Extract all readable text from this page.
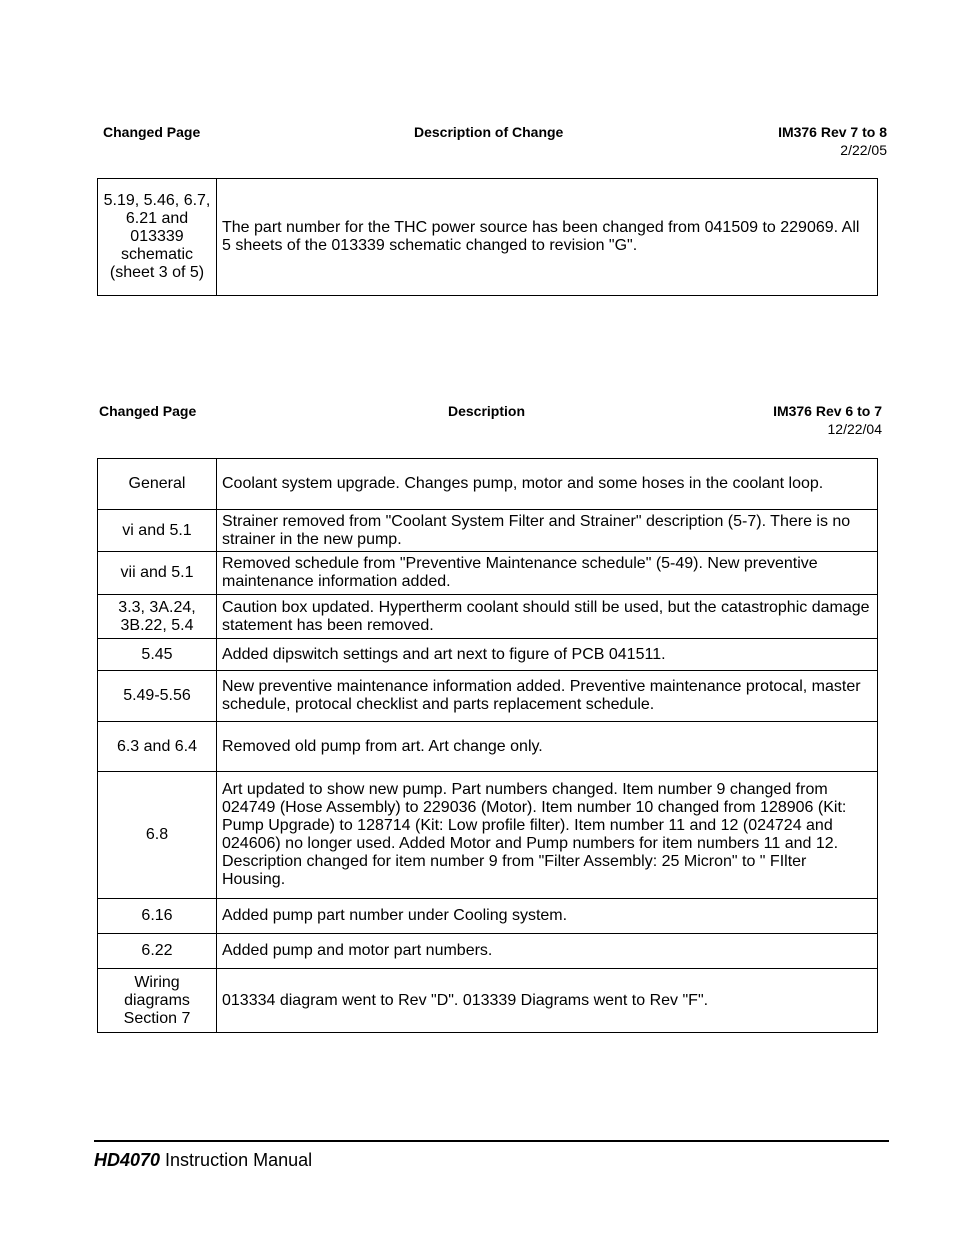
Changed Page	Description of Change	IM376 Rev 7 to 8
2/22/05
5.19, 5.46, 6.7, 6.21 and 013339 schematic (sheet 3 of 5)	The part number for the THC power source has been changed from 041509 to 229069. All 5 sheets of the 013339 schematic changed to revision "G".
Changed Page	Description	IM376 Rev 6 to 7
12/22/04
General	Coolant system upgrade. Changes pump, motor and some hoses in the coolant loop.
vi and 5.1	Strainer removed from "Coolant System Filter and Strainer" description (5-7). There is no strainer in the new pump.
vii and 5.1	Removed schedule from "Preventive Maintenance schedule" (5-49). New preventive maintenance information added.
3.3, 3A.24, 3B.22, 5.4	Caution box updated. Hypertherm coolant should still be used, but the catastrophic damage statement has been removed.
5.45	Added dipswitch settings and art next to figure of PCB 041511.
5.49-5.56	New preventive maintenance information added. Preventive maintenance protocal, master schedule, protocal checklist and parts replacement schedule.
6.3 and 6.4	Removed old pump from art. Art change only.
6.8	Art updated to show new pump. Part numbers changed. Item number 9 changed from 024749 (Hose Assembly) to 229036 (Motor). Item number 10 changed from 128906 (Kit: Pump Upgrade) to 128714 (Kit: Low profile filter). Item number 11 and 12 (024724 and 024606) no longer used. Added Motor and Pump numbers for item numbers 11 and 12. Description changed for item number 9 from "Filter Assembly: 25 Micron" to " FIlter Housing.
6.16	Added pump part number under Cooling system.
6.22	Added pump and motor part numbers.
Wiring diagrams Section 7	013334 diagram went to Rev "D". 013339 Diagrams went to Rev "F".
HD4070 Instruction Manual
